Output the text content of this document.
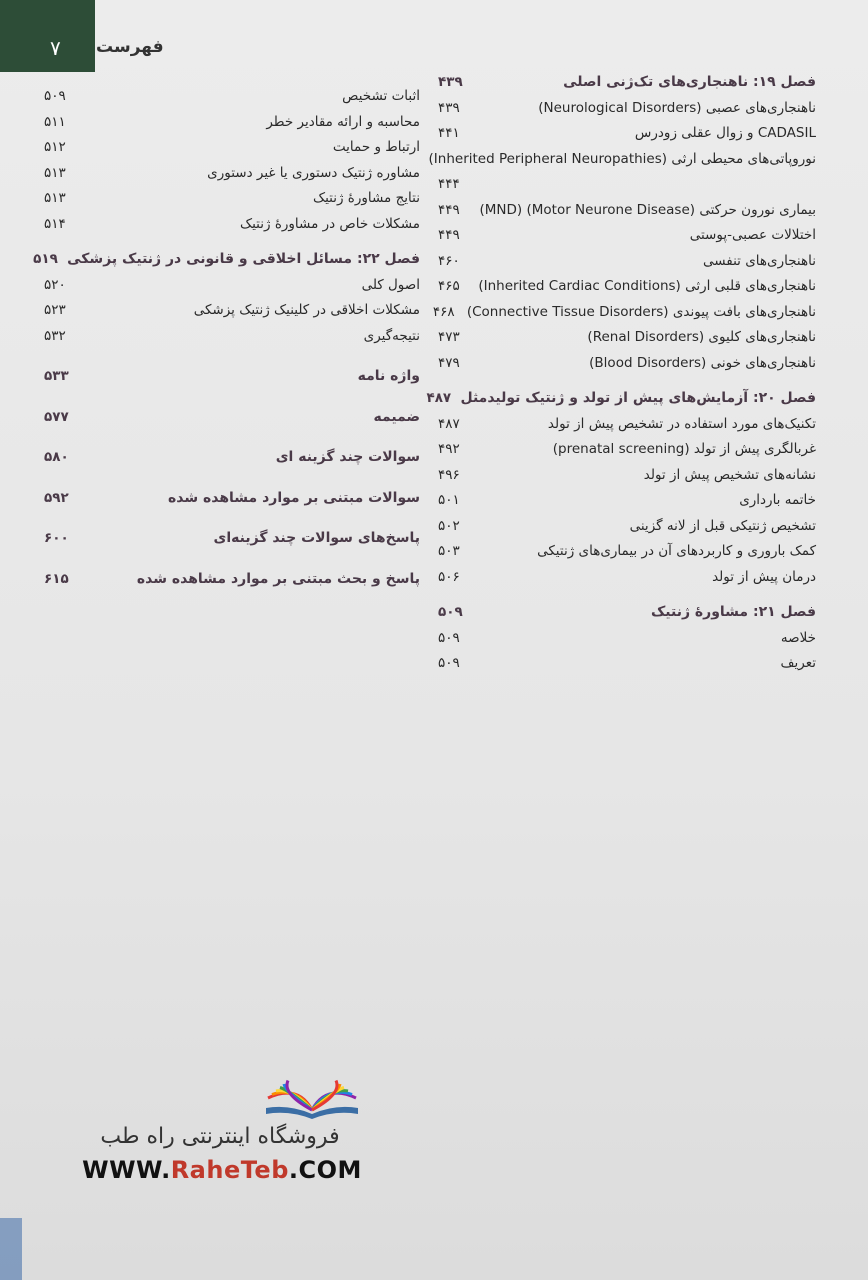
۷ فهرست
فصل ۱۹: ناهنجاری‌های تک‌ژنی اصلی
۴۳۹
ناهنجاری‌های عصبی (Neurological Disorders)
۴۳۹
CADASIL و زوال عقلی زودرس
۴۴۱
نوروپاتی‌های محیطی ارثی (Inherited Peripheral Neuropathies)
۴۴۴
بیماری نورون حرکتی (Motor Neurone Disease) (MND)
۴۴۹
اختلالات عصبی-پوستی
۴۴۹
ناهنجاری‌های تنفسی
۴۶۰
ناهنجاری‌های قلبی ارثی (Inherited Cardiac Conditions)
۴۶۵
ناهنجاری‌های بافت پیوندی (Connective Tissue Disorders)
۴۶۸
ناهنجاری‌های کلیوی (Renal Disorders)
۴۷۳
ناهنجاری‌های خونی (Blood Disorders)
۴۷۹
فصل ۲۰: آزمایش‌های پیش از تولد و ژنتیک تولیدمثل
۴۸۷
تکنیک‌های مورد استفاده در تشخیص پیش از تولد
۴۸۷
غربالگری پیش از تولد (prenatal screening)
۴۹۲
نشانه‌های تشخیص پیش از تولد
۴۹۶
خاتمه بارداری
۵۰۱
تشخیص ژنتیکی قبل از لانه گزینی
۵۰۲
کمک باروری و کاربردهای آن در بیماری‌های ژنتیکی
۵۰۳
درمان پیش از تولد
۵۰۶
فصل ۲۱: مشاورهٔ ژنتیک
۵۰۹
خلاصه
۵۰۹
تعریف
۵۰۹
اثبات تشخیص
۵۰۹
محاسبه و ارائه مقادیر خطر
۵۱۱
ارتباط و حمایت
۵۱۲
مشاوره ژنتیک دستوری یا غیر دستوری
۵۱۳
نتایج مشاورهٔ ژنتیک
۵۱۳
مشکلات خاص در مشاورهٔ ژنتیک
۵۱۴
فصل ۲۲: مسائل اخلاقی و قانونی در ژنتیک پزشکی
۵۱۹
اصول کلی
۵۲۰
مشکلات اخلاقی در کلینیک ژنتیک پزشکی
۵۲۳
نتیجه‌گیری
۵۳۲
واژه نامه
۵۳۳
ضمیمه
۵۷۷
سوالات چند گزینه ای
۵۸۰
سوالات مبتنی بر موارد مشاهده شده
۵۹۲
پاسخ‌های سوالات چند گزینه‌ای
۶۰۰
پاسخ و بحث مبتنی بر موارد مشاهده شده
۶۱۵
فروشگاه اینترنتی راه طب
WWW.RaheTeb.COM
